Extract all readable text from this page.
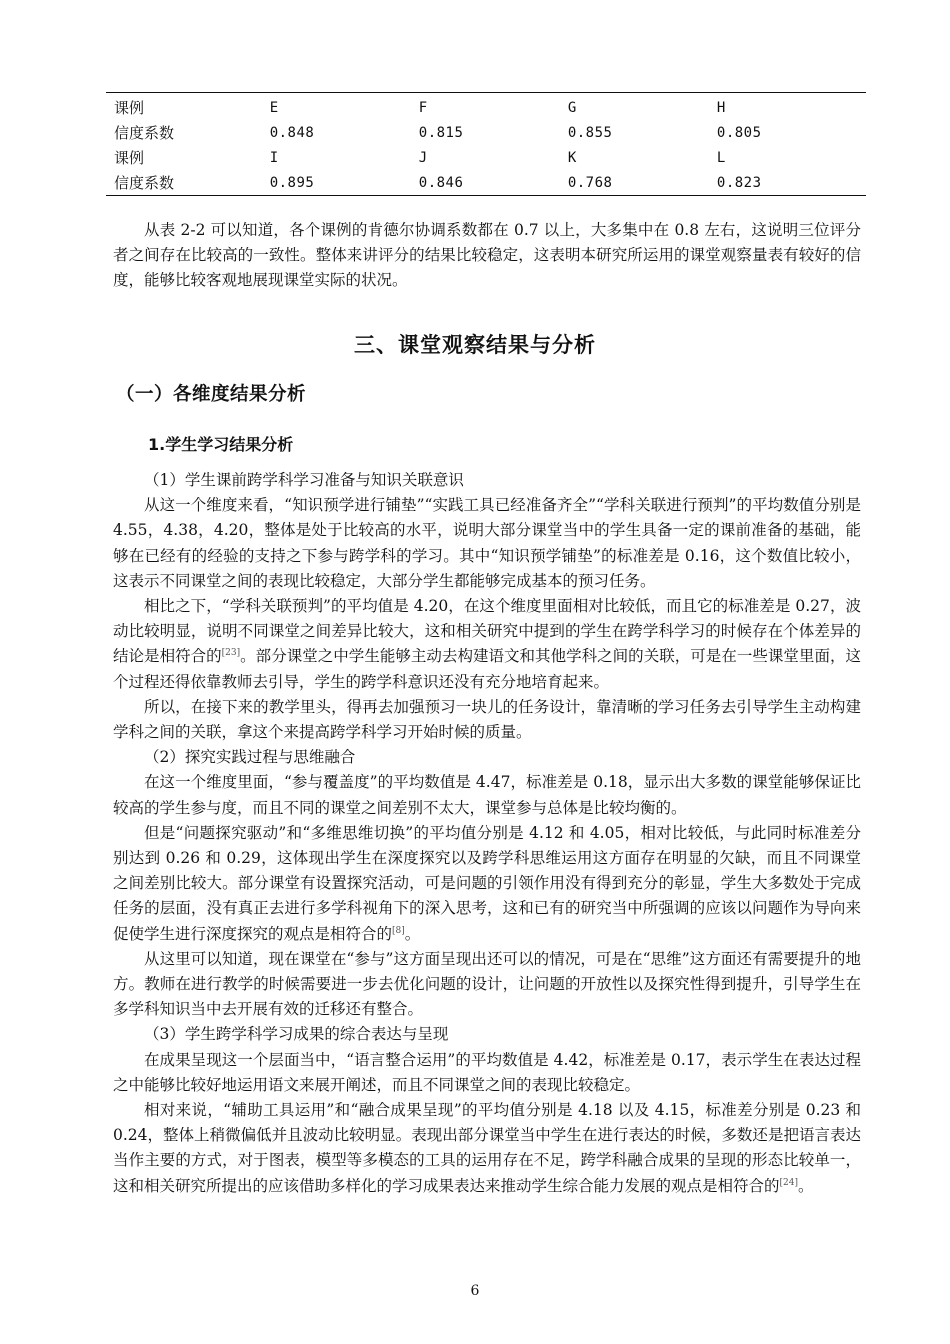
课例	E	F	G	H
信度系数	0.848	0.815	0.855	0.805
课例	I	J	K	L
信度系数	0.895	0.846	0.768	0.823

从表 2-2 可以知道，各个课例的肯德尔协调系数都在 0.7 以上，大多集中在 0.8 左右，这说明三位评分者之间存在比较高的一致性。整体来讲评分的结果比较稳定，这表明本研究所运用的课堂观察量表有较好的信度，能够比较客观地展现课堂实际的状况。

三、课堂观察结果与分析
（一）各维度结果分析
1.学生学习结果分析

（1）学生课前跨学科学习准备与知识关联意识

从这一个维度来看，“知识预学进行铺垫”“实践工具已经准备齐全”“学科关联进行预判”的平均数值分别是 4.55，4.38，4.20，整体是处于比较高的水平，说明大部分课堂当中的学生具备一定的课前准备的基础，能够在已经有的经验的支持之下参与跨学科的学习。其中“知识预学铺垫”的标准差是 0.16，这个数值比较小，这表示不同课堂之间的表现比较稳定，大部分学生都能够完成基本的预习任务。

相比之下，“学科关联预判”的平均值是 4.20，在这个维度里面相对比较低，而且它的标准差是 0.27，波动比较明显，说明不同课堂之间差异比较大，这和相关研究中提到的学生在跨学科学习的时候存在个体差异的结论是相符合的[23]。部分课堂之中学生能够主动去构建语文和其他学科之间的关联，可是在一些课堂里面，这个过程还得依靠教师去引导，学生的跨学科意识还没有充分地培育起来。

所以，在接下来的教学里头，得再去加强预习一块儿的任务设计，靠清晰的学习任务去引导学生主动构建学科之间的关联，拿这个来提高跨学科学习开始时候的质量。

（2）探究实践过程与思维融合

在这一个维度里面，“参与覆盖度”的平均数值是 4.47，标准差是 0.18，显示出大多数的课堂能够保证比较高的学生参与度，而且不同的课堂之间差别不太大，课堂参与总体是比较均衡的。

但是“问题探究驱动”和“多维思维切换”的平均值分别是 4.12 和 4.05，相对比较低，与此同时标准差分别达到 0.26 和 0.29，这体现出学生在深度探究以及跨学科思维运用这方面存在明显的欠缺，而且不同课堂之间差别比较大。部分课堂有设置探究活动，可是问题的引领作用没有得到充分的彰显，学生大多数处于完成任务的层面，没有真正去进行多学科视角下的深入思考，这和已有的研究当中所强调的应该以问题作为导向来促使学生进行深度探究的观点是相符合的[8]。

从这里可以知道，现在课堂在“参与”这方面呈现出还可以的情况，可是在“思维”这方面还有需要提升的地方。教师在进行教学的时候需要进一步去优化问题的设计，让问题的开放性以及探究性得到提升，引导学生在多学科知识当中去开展有效的迁移还有整合。

（3）学生跨学科学习成果的综合表达与呈现

在成果呈现这一个层面当中，“语言整合运用”的平均数值是 4.42，标准差是 0.17，表示学生在表达过程之中能够比较好地运用语文来展开阐述，而且不同课堂之间的表现比较稳定。

相对来说，“辅助工具运用”和“融合成果呈现”的平均值分别是 4.18 以及 4.15，标准差分别是 0.23 和 0.24，整体上稍微偏低并且波动比较明显。表现出部分课堂当中学生在进行表达的时候，多数还是把语言表达当作主要的方式，对于图表，模型等多模态的工具的运用存在不足，跨学科融合成果的呈现的形态比较单一，这和相关研究所提出的应该借助多样化的学习成果表达来推动学生综合能力发展的观点是相符合的[24]。

6
